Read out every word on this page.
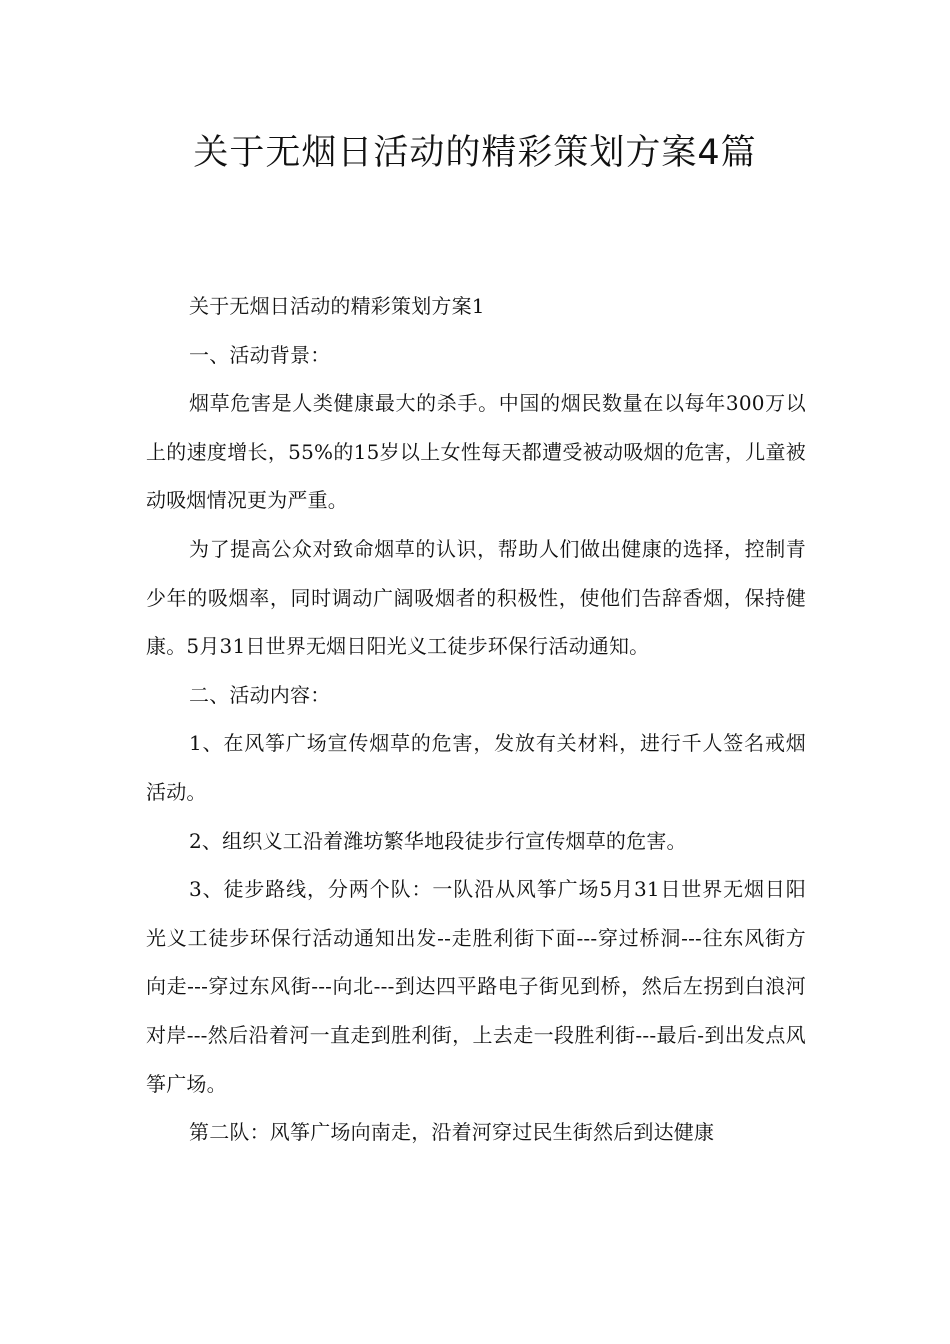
关于无烟日活动的精彩策划方案4篇

关于无烟日活动的精彩策划方案1

一、活动背景：

烟草危害是人类健康最大的杀手。中国的烟民数量在以每年300万以上的速度增长，55%的15岁以上女性每天都遭受被动吸烟的危害，儿童被动吸烟情况更为严重。

为了提高公众对致命烟草的认识，帮助人们做出健康的选择，控制青少年的吸烟率，同时调动广阔吸烟者的积极性，使他们告辞香烟，保持健康。5月31日世界无烟日阳光义工徒步环保行活动通知。

二、活动内容：

1、在风筝广场宣传烟草的危害，发放有关材料，进行千人签名戒烟活动。

2、组织义工沿着潍坊繁华地段徒步行宣传烟草的危害。

3、徒步路线，分两个队：一队沿从风筝广场5月31日世界无烟日阳光义工徒步环保行活动通知出发--走胜利街下面---穿过桥洞---往东风街方向走---穿过东风街---向北---到达四平路电子街见到桥，然后左拐到白浪河对岸---然后沿着河一直走到胜利街，上去走一段胜利街---最后-到出发点风筝广场。

第二队：风筝广场向南走，沿着河穿过民生街然后到达健康
